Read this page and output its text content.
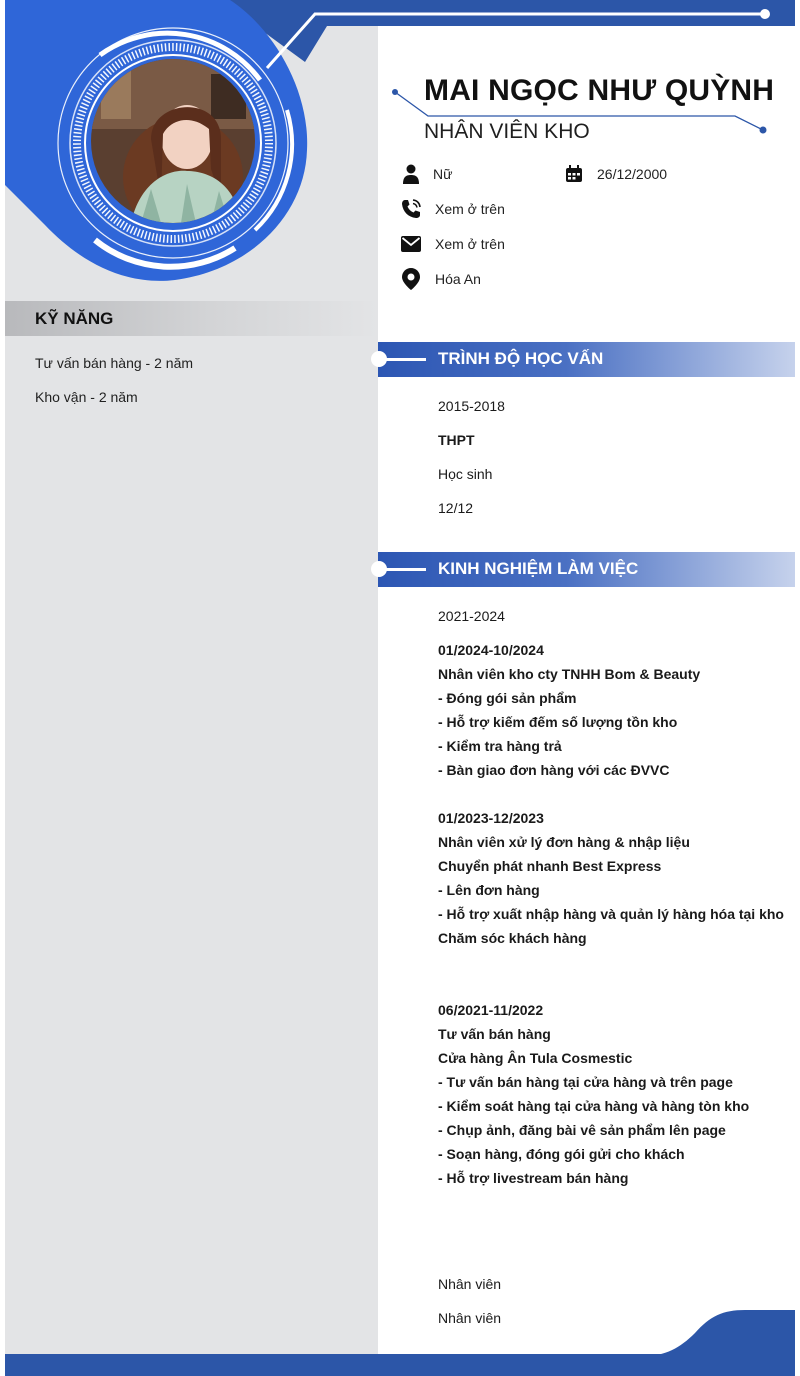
MAI NGỌC NHƯ QUỲNH
NHÂN VIÊN KHO
Nữ	26/12/2000
Xem ở trên
Xem ở trên
Hóa An
KỸ NĂNG
Tư vấn bán hàng - 2 năm
Kho vận - 2 năm
TRÌNH ĐỘ HỌC VẤN
2015-2018
THPT
Học sinh
12/12
KINH NGHIỆM LÀM VIỆC
2021-2024
01/2024-10/2024
Nhân viên kho cty TNHH Bom & Beauty
- Đóng gói sản phẩm
- Hỗ trợ kiếm đếm số lượng tồn kho
- Kiểm tra hàng trả
- Bàn giao đơn hàng với các ĐVVC
01/2023-12/2023
Nhân viên xử lý đơn hàng & nhập liệu
Chuyển phát nhanh Best Express
- Lên đơn hàng
- Hỗ trợ xuất nhập hàng và quản lý hàng hóa tại kho
Chăm sóc khách hàng
06/2021-11/2022
Tư vấn bán hàng
Cửa hàng Ân Tula Cosmestic
- Tư vấn bán hàng tại cửa hàng và trên page
- Kiểm soát hàng tại cửa hàng và hàng tòn kho
- Chụp ảnh, đăng bài vê sản phẩm lên page
- Soạn hàng, đóng gói gửi cho khách
- Hỗ trợ livestream bán hàng
Nhân viên
Nhân viên
